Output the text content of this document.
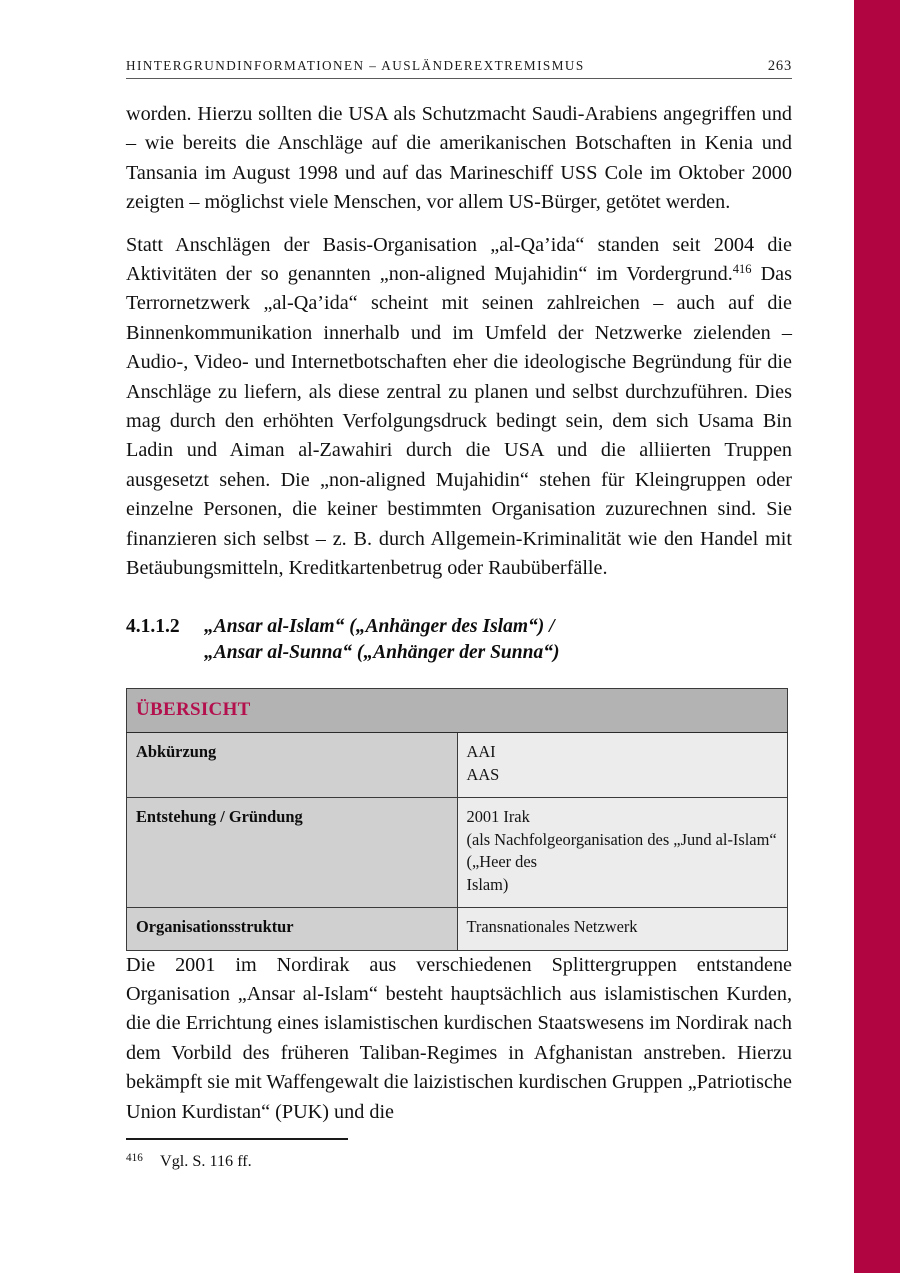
HINTERGRUNDINFORMATIONEN – AUSLÄNDEREXTREMISMUS	263

worden. Hierzu sollten die USA als Schutzmacht Saudi-Arabiens angegriffen und – wie bereits die Anschläge auf die amerikanischen Botschaften in Kenia und Tansania im August 1998 und auf das Marineschiff USS Cole im Oktober 2000 zeigten – möglichst viele Menschen, vor allem US-Bürger, getötet werden.

Statt Anschlägen der Basis-Organisation „al-Qa’ida“ standen seit 2004 die Aktivitäten der so genannten „non-aligned Mujahidin“ im Vordergrund.$^{416}$ Das Terrornetzwerk „al-Qa’ida“ scheint mit seinen zahlreichen – auch auf die Binnenkommunikation innerhalb und im Umfeld der Netzwerke zielenden – Audio-, Video- und Internetbotschaften eher die ideologische Begründung für die Anschläge zu liefern, als diese zentral zu planen und selbst durchzuführen. Dies mag durch den erhöhten Verfolgungsdruck bedingt sein, dem sich Usama Bin Ladin und Aiman al-Zawahiri durch die USA und die alliierten Truppen ausgesetzt sehen. Die „non-aligned Mujahidin“ stehen für Kleingruppen oder einzelne Personen, die keiner bestimmten Organisation zuzurechnen sind. Sie finanzieren sich selbst – z. B. durch Allgemein-Kriminalität wie den Handel mit Betäubungsmitteln, Kreditkartenbetrug oder Raubüberfälle.

4.1.1.2	„Ansar al-Islam“ („Anhänger des Islam“) /
„Ansar al-Sunna“ („Anhänger der Sunna“)
ÜBERSICHT	
Abkürzung	AAI
AAS

Entstehung / Gründung	2001 Irak
(als Nachfolgeorganisation des „Jund al-Islam“ („Heer des
Islam)

Organisationsstruktur	Transnationales Netzwerk

Die 2001 im Nordirak aus verschiedenen Splittergruppen entstandene Organisation „Ansar al-Islam“ besteht hauptsächlich aus islamistischen Kurden, die die Errichtung eines islamistischen kurdischen Staatswesens im Nordirak nach dem Vorbild des früheren Taliban-Regimes in Afghanistan anstreben. Hierzu bekämpft sie mit Waffengewalt die laizistischen kurdischen Gruppen „Patriotische Union Kurdistan“ (PUK) und die

416	Vgl. S. 116 ff.
